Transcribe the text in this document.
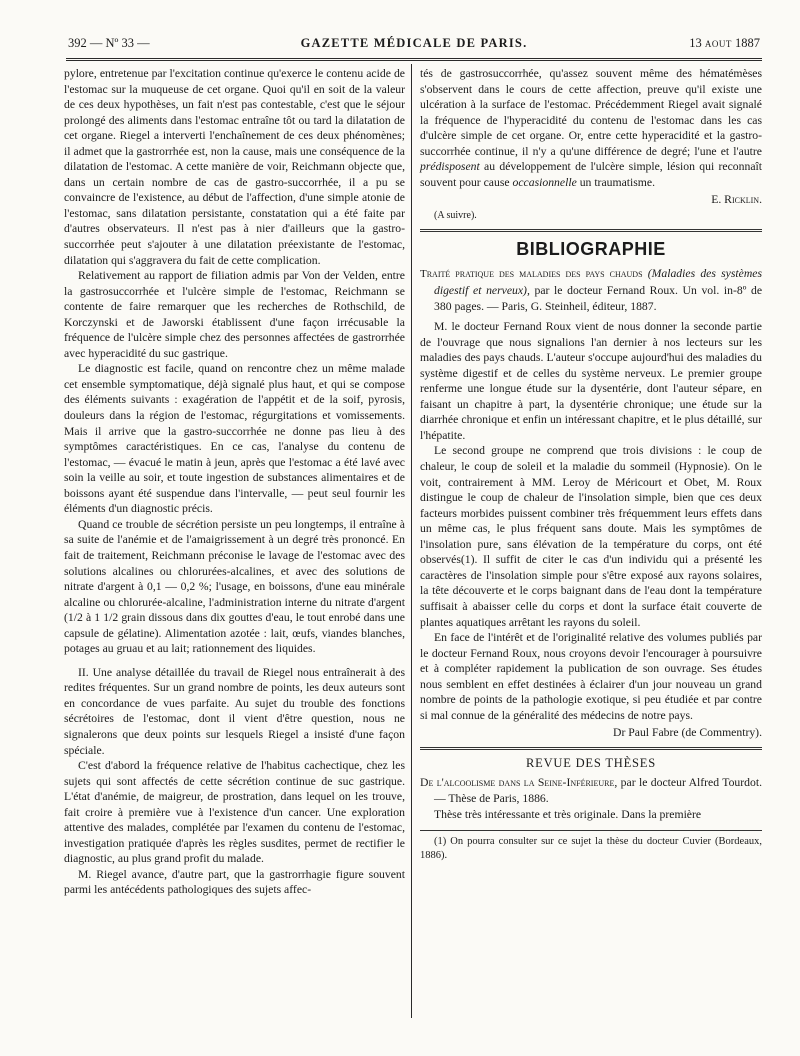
392 — Nº 33 —	GAZETTE MÉDICALE DE PARIS.	13 AOUT 1887

pylore, entretenue par l'excitation continue qu'exerce le contenu acide de l'estomac sur la muqueuse de cet organe. Quoi qu'il en soit de la valeur de ces deux hypothèses, un fait n'est pas contestable, c'est que le séjour prolongé des aliments dans l'estomac entraîne tôt ou tard la dilatation de cet organe. Riegel a interverti l'enchaînement de ces deux phénomènes; il admet que la gastrorrhée est, non la cause, mais une conséquence de la dilatation de l'estomac. A cette manière de voir, Reichmann objecte que, dans un certain nombre de cas de gastro-succorrhée, il a pu se convaincre de l'existence, au début de l'affection, d'une simple atonie de l'estomac, sans dilatation persistante, constatation qui a été faite par d'autres observateurs. Il n'est pas à nier d'ailleurs que la gastro-succorrhée peut s'ajouter à une dilatation préexistante de l'estomac, dilatation qui s'aggravera du fait de cette complication.

Relativement au rapport de filiation admis par Von der Velden, entre la gastrosuccorrhée et l'ulcère simple de l'estomac, Reichmann se contente de faire remarquer que les recherches de Rothschild, de Korczynski et de Jaworski établissent d'une façon irrécusable la fréquence de l'ulcère simple chez des personnes affectées de gastrorrhée avec hyperacidité du suc gastrique.

Le diagnostic est facile, quand on rencontre chez un même malade cet ensemble symptomatique, déjà signalé plus haut, et qui se compose des éléments suivants : exagération de l'appétit et de la soif, pyrosis, douleurs dans la région de l'estomac, régurgitations et vomissements. Mais il arrive que la gastro-succorrhée ne donne pas lieu à des symptômes caractéristiques. En ce cas, l'analyse du contenu de l'estomac, — évacué le matin à jeun, après que l'estomac a été lavé avec soin la veille au soir, et toute ingestion de substances alimentaires et de boissons ayant été suspendue dans l'intervalle, — peut seul fournir les éléments d'un diagnostic précis.

Quand ce trouble de sécrétion persiste un peu longtemps, il entraîne à sa suite de l'anémie et de l'amaigrissement à un degré très prononcé. En fait de traitement, Reichmann préconise le lavage de l'estomac avec des solutions alcalines ou chlorurées-alcalines, et avec des solutions de nitrate d'argent à 0,1 — 0,2 %; l'usage, en boissons, d'une eau minérale alcaline ou chlorurée-alcaline, l'administration interne du nitrate d'argent (1/2 à 1 1/2 grain dissous dans dix gouttes d'eau, le tout enrobé dans une capsule de gélatine). Alimentation azotée : lait, œufs, viandes blanches, potages au gruau et au lait; rationnement des liquides.

II. Une analyse détaillée du travail de Riegel nous entraînerait à des redites fréquentes. Sur un grand nombre de points, les deux auteurs sont en concordance de vues parfaite. Au sujet du trouble des fonctions sécrétoires de l'estomac, dont il vient d'être question, nous ne signalerons que deux points sur lesquels Riegel a insisté d'une façon spéciale.

C'est d'abord la fréquence relative de l'habitus cachectique, chez les sujets qui sont affectés de cette sécrétion continue de suc gastrique. L'état d'anémie, de maigreur, de prostration, dans lequel on les trouve, fait croire à première vue à l'existence d'un cancer. Une exploration attentive des malades, complétée par l'examen du contenu de l'estomac, investigation pratiquée d'après les règles susdites, permet de rectifier le diagnostic, au plus grand profit du malade.

M. Riegel avance, d'autre part, que la gastrorrhagie figure souvent parmi les antécédents pathologiques des sujets affec-

tés de gastrosuccorrhée, qu'assez souvent même des hématémèses s'observent dans le cours de cette affection, preuve qu'il existe une ulcération à la surface de l'estomac. Précédemment Riegel avait signalé la fréquence de l'hyperacidité du contenu de l'estomac dans les cas d'ulcère simple de cet organe. Or, entre cette hyperacidité et la gastro-succorrhée continue, il n'y a qu'une différence de degré; l'une et l'autre prédisposent au développement de l'ulcère simple, lésion qui reconnaît souvent pour cause occasionnelle un traumatisme.

E. Ricklin.

(A suivre).

BIBLIOGRAPHIE

Traité pratique des maladies des pays chauds (Maladies des systèmes digestif et nerveux), par le docteur Fernand Roux. Un vol. in-8º de 380 pages. — Paris, G. Steinheil, éditeur, 1887.

M. le docteur Fernand Roux vient de nous donner la seconde partie de l'ouvrage que nous signalions l'an dernier à nos lecteurs sur les maladies des pays chauds. L'auteur s'occupe aujourd'hui des maladies du système digestif et de celles du système nerveux. Le premier groupe renferme une longue étude sur la dysentérie, dont l'auteur sépare, en faisant un chapitre à part, la dysentérie chronique; une étude sur la diarrhée chronique et enfin un intéressant chapitre, et le plus détaillé, sur l'hépatite.

Le second groupe ne comprend que trois divisions : le coup de chaleur, le coup de soleil et la maladie du sommeil (Hypnosie). On le voit, contrairement à MM. Leroy de Méricourt et Obet, M. Roux distingue le coup de chaleur de l'insolation simple, bien que ces deux facteurs morbides puissent combiner très fréquemment leurs effets dans un même cas, le plus fréquent sans doute. Mais les symptômes de l'insolation pure, sans élévation de la température du corps, ont été observés(1). Il suffit de citer le cas d'un individu qui a présenté les caractères de l'insolation simple pour s'être exposé aux rayons solaires, la tête découverte et le corps baignant dans de l'eau dont la température suffisait à abaisser celle du corps et dont la surface était couverte de plantes aquatiques arrêtant les rayons du soleil.

En face de l'intérêt et de l'originalité relative des volumes publiés par le docteur Fernand Roux, nous croyons devoir l'encourager à poursuivre et à compléter rapidement la publication de son ouvrage. Ses études nous semblent en effet destinées à éclairer d'un jour nouveau un grand nombre de points de la pathologie exotique, si peu étudiée et par contre si mal connue de la généralité des médecins de notre pays.

Dr Paul Fabre (de Commentry).

REVUE DES THÈSES

De l'alcoolisme dans la Seine-Inférieure, par le docteur Alfred Tourdot. — Thèse de Paris, 1886.

Thèse très intéressante et très originale. Dans la première

(1) On pourra consulter sur ce sujet la thèse du docteur Cuvier (Bordeaux, 1886).
